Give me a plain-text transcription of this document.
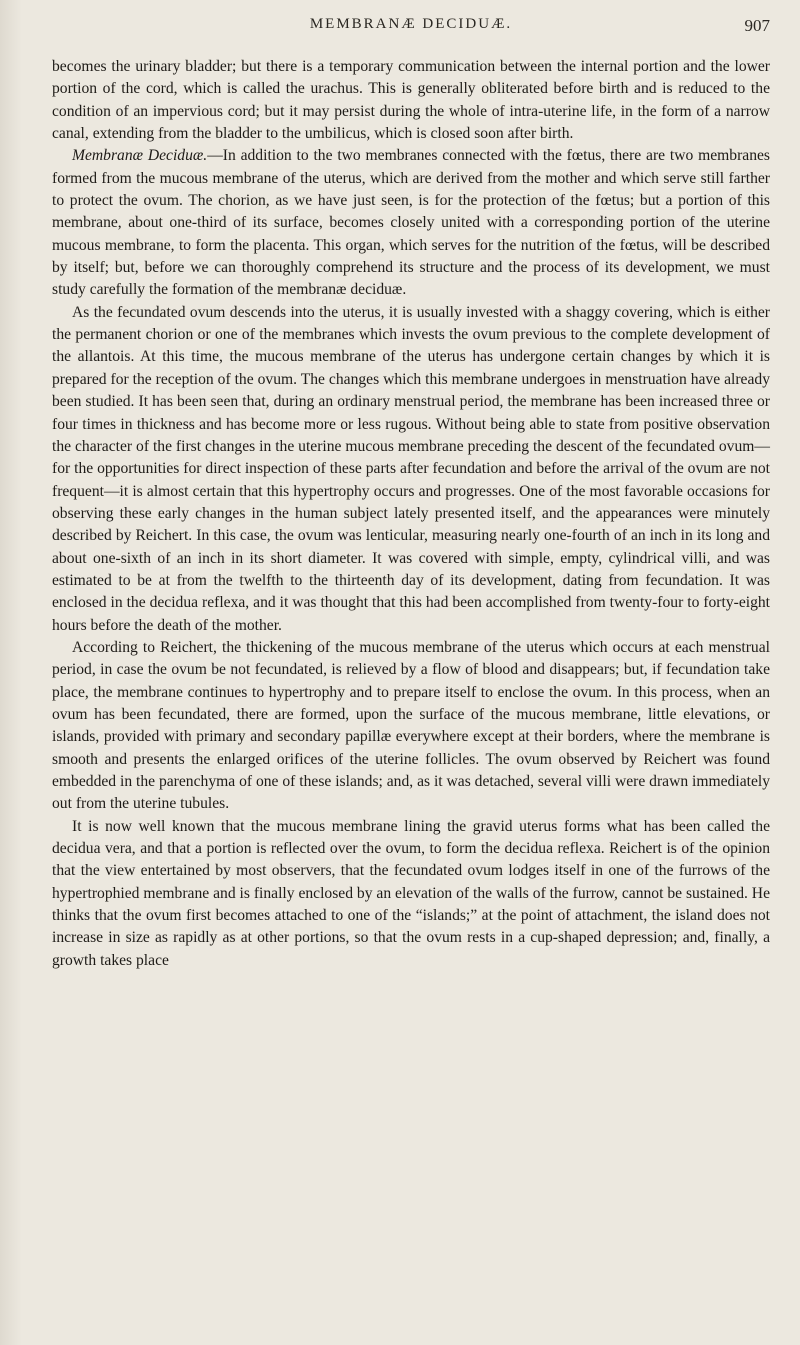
MEMBRANÆ DECIDUÆ.	907

becomes the urinary bladder; but there is a temporary communication between the internal portion and the lower portion of the cord, which is called the urachus. This is generally obliterated before birth and is reduced to the condition of an impervious cord; but it may persist during the whole of intra-uterine life, in the form of a narrow canal, extending from the bladder to the umbilicus, which is closed soon after birth.

Membranæ Deciduæ.—In addition to the two membranes connected with the fœtus, there are two membranes formed from the mucous membrane of the uterus, which are derived from the mother and which serve still farther to protect the ovum. The chorion, as we have just seen, is for the protection of the fœtus; but a portion of this membrane, about one-third of its surface, becomes closely united with a corresponding portion of the uterine mucous membrane, to form the placenta. This organ, which serves for the nutrition of the fœtus, will be described by itself; but, before we can thoroughly comprehend its structure and the process of its development, we must study carefully the formation of the membranæ deciduæ.

As the fecundated ovum descends into the uterus, it is usually invested with a shaggy covering, which is either the permanent chorion or one of the membranes which invests the ovum previous to the complete development of the allantois. At this time, the mucous membrane of the uterus has undergone certain changes by which it is prepared for the reception of the ovum. The changes which this membrane undergoes in menstruation have already been studied. It has been seen that, during an ordinary menstrual period, the membrane has been increased three or four times in thickness and has become more or less rugous. Without being able to state from positive observation the character of the first changes in the uterine mucous membrane preceding the descent of the fecundated ovum—for the opportunities for direct inspection of these parts after fecundation and before the arrival of the ovum are not frequent—it is almost certain that this hypertrophy occurs and progresses. One of the most favorable occasions for observing these early changes in the human subject lately presented itself, and the appearances were minutely described by Reichert. In this case, the ovum was lenticular, measuring nearly one-fourth of an inch in its long and about one-sixth of an inch in its short diameter. It was covered with simple, empty, cylindrical villi, and was estimated to be at from the twelfth to the thirteenth day of its development, dating from fecundation. It was enclosed in the decidua reflexa, and it was thought that this had been accomplished from twenty-four to forty-eight hours before the death of the mother.

According to Reichert, the thickening of the mucous membrane of the uterus which occurs at each menstrual period, in case the ovum be not fecundated, is relieved by a flow of blood and disappears; but, if fecundation take place, the membrane continues to hypertrophy and to prepare itself to enclose the ovum. In this process, when an ovum has been fecundated, there are formed, upon the surface of the mucous membrane, little elevations, or islands, provided with primary and secondary papillæ everywhere except at their borders, where the membrane is smooth and presents the enlarged orifices of the uterine follicles. The ovum observed by Reichert was found embedded in the parenchyma of one of these islands; and, as it was detached, several villi were drawn immediately out from the uterine tubules.

It is now well known that the mucous membrane lining the gravid uterus forms what has been called the decidua vera, and that a portion is reflected over the ovum, to form the decidua reflexa. Reichert is of the opinion that the view entertained by most observers, that the fecundated ovum lodges itself in one of the furrows of the hypertrophied membrane and is finally enclosed by an elevation of the walls of the furrow, cannot be sustained. He thinks that the ovum first becomes attached to one of the “islands;” at the point of attachment, the island does not increase in size as rapidly as at other portions, so that the ovum rests in a cup-shaped depression; and, finally, a growth takes place
